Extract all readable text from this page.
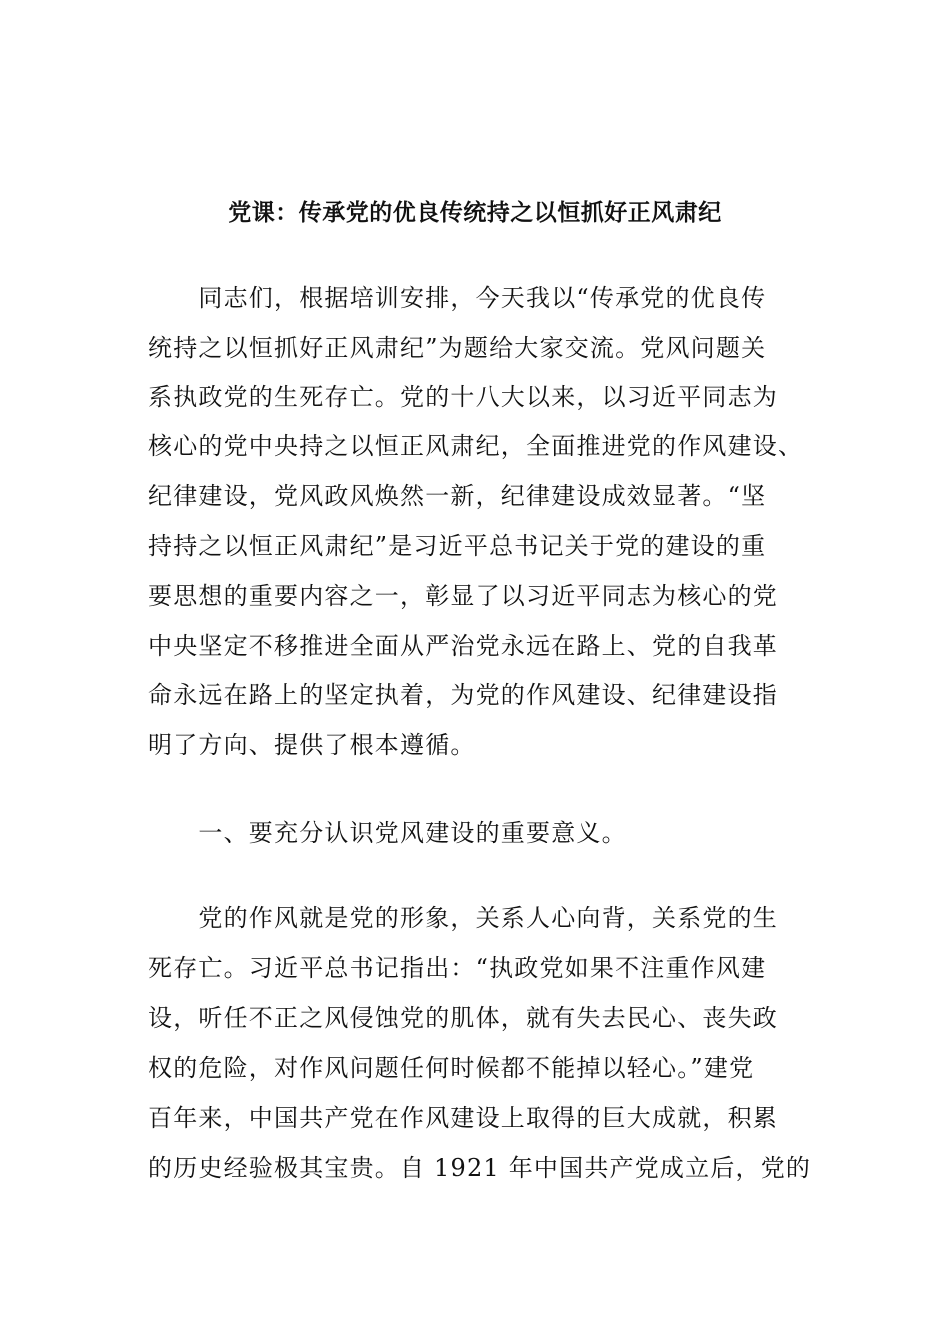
党课：传承党的优良传统持之以恒抓好正风肃纪
　　同志们，根据培训安排，今天我以“传承党的优良传
统持之以恒抓好正风肃纪”为题给大家交流。党风问题关
系执政党的生死存亡。党的十八大以来，以习近平同志为
核心的党中央持之以恒正风肃纪，全面推进党的作风建设、
纪律建设，党风政风焕然一新，纪律建设成效显著。“坚
持持之以恒正风肃纪”是习近平总书记关于党的建设的重
要思想的重要内容之一，彰显了以习近平同志为核心的党
中央坚定不移推进全面从严治党永远在路上、党的自我革
命永远在路上的坚定执着，为党的作风建设、纪律建设指
明了方向、提供了根本遵循。
　　一、要充分认识党风建设的重要意义。
　　党的作风就是党的形象，关系人心向背，关系党的生
死存亡。习近平总书记指出：“执政党如果不注重作风建
设，听任不正之风侵蚀党的肌体，就有失去民心、丧失政
权的危险，对作风问题任何时候都不能掉以轻心。”建党
百年来，中国共产党在作风建设上取得的巨大成就，积累
的历史经验极其宝贵。自 1921 年中国共产党成立后，党的
